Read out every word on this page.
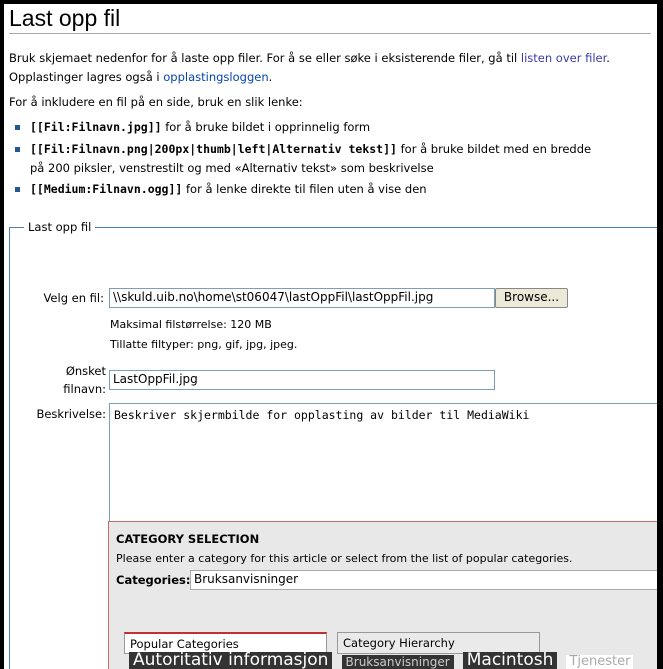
Last opp fil
Bruk skjemaet nedenfor for å laste opp filer. For å se eller søke i eksisterende filer, gå til listen over filer.
Opplastinger lagres også i opplastingsloggen.
For å inkludere en fil på en side, bruk en slik lenke:
[[Fil:Filnavn.jpg]] for å bruke bildet i opprinnelig form
[[Fil:Filnavn.png|200px|thumb|left|Alternativ tekst]] for å bruke bildet med en bredde
på 200 piksler, venstrestilt og med «Alternativ tekst» som beskrivelse
[[Medium:Filnavn.ogg]] for å lenke direkte til filen uten å vise den
Last opp fil
Velg en fil: \\skuld.uib.no\home\st06047\lastOppFil\lastOppFil.jpg	Browse...
Maksimal filstørrelse: 120 MB
Tillatte filtyper: png, gif, jpg, jpeg.
Ønsket
filnavn:
LastOppFil.jpg
Beskrivelse:
Beskriver skjermbilde for opplasting av bilder til MediaWiki
CATEGORY SELECTION
Please enter a category for this article or select from the list of popular categories.
Categories: Bruksanvisninger
Popular Categories	Category Hierarchy
Autoritativ informasjon Bruksanvisninger Macintosh Tjenester
